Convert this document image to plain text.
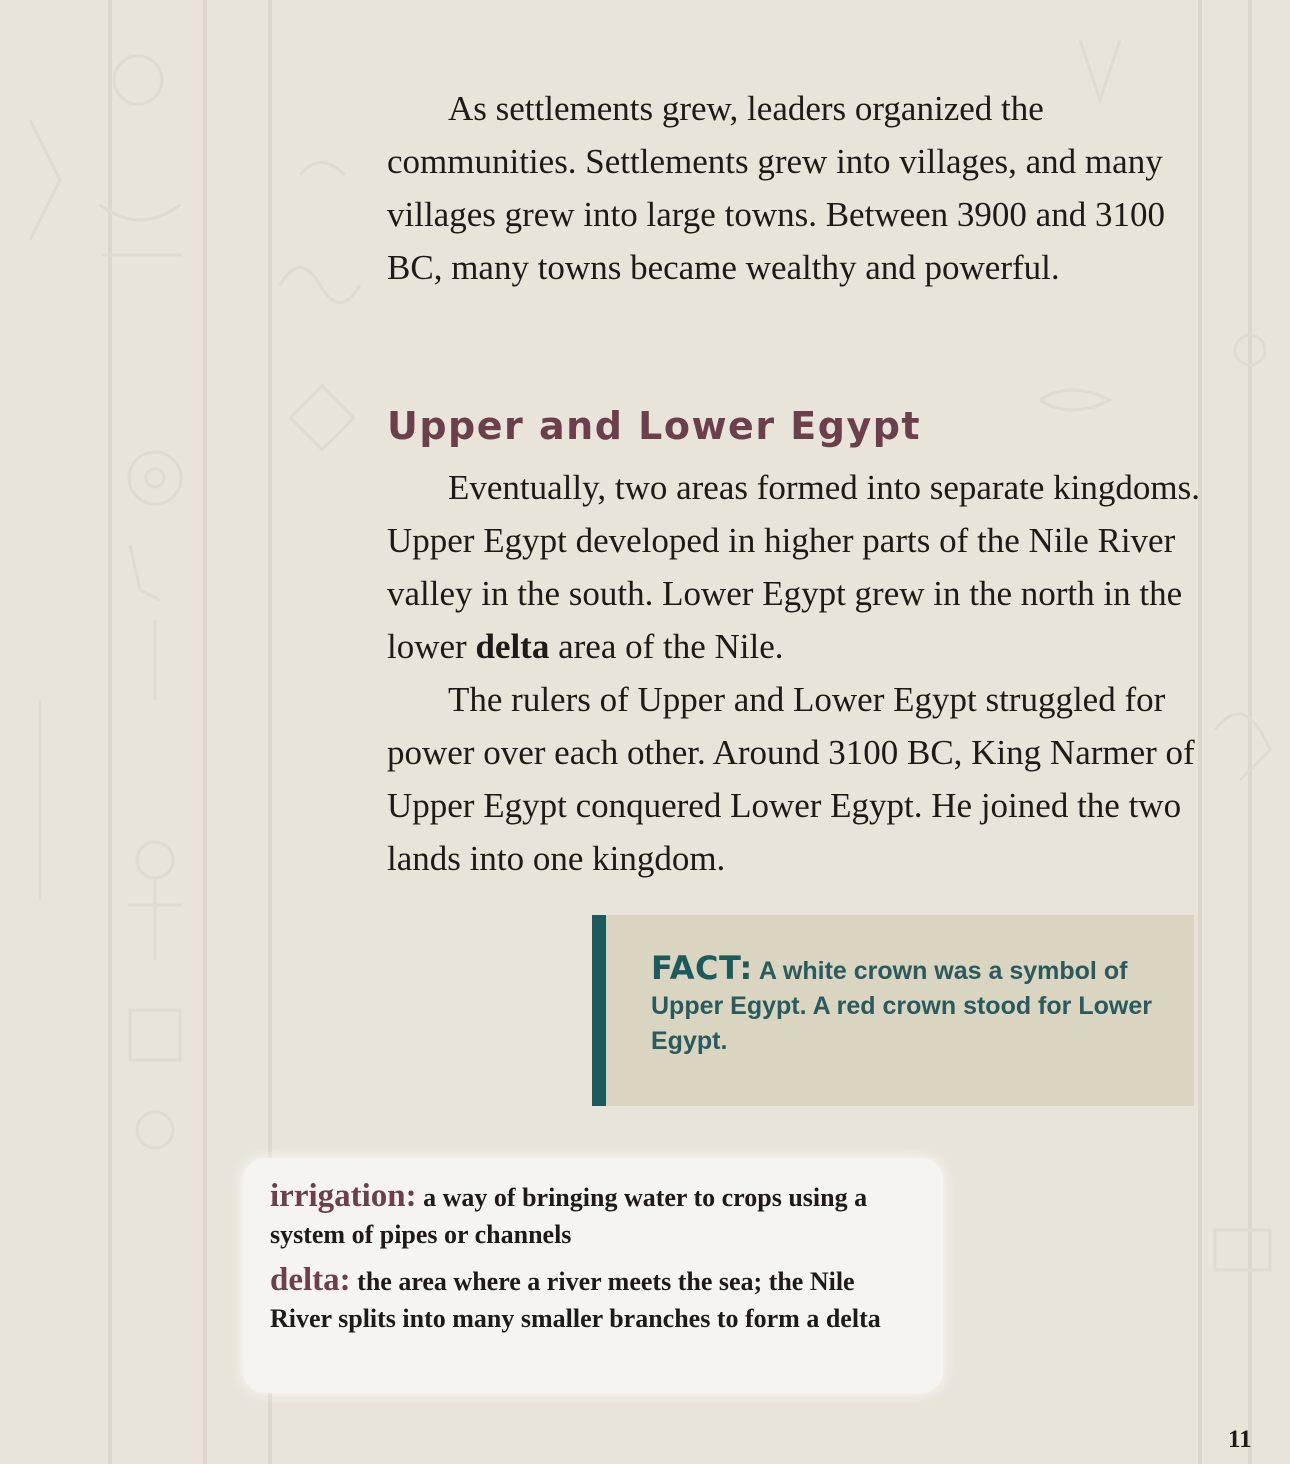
As settlements grew, leaders organized the communities. Settlements grew into villages, and many villages grew into large towns. Between 3900 and 3100 BC, many towns became wealthy and powerful.

Upper and Lower Egypt

Eventually, two areas formed into separate kingdoms. Upper Egypt developed in higher parts of the Nile River valley in the south. Lower Egypt grew in the north in the lower delta area of the Nile.

The rulers of Upper and Lower Egypt struggled for power over each other. Around 3100 BC, King Narmer of Upper Egypt conquered Lower Egypt. He joined the two lands into one kingdom.

FACT: A white crown was a symbol of Upper Egypt. A red crown stood for Lower Egypt.
irrigation: a way of bringing water to crops using a system of pipes or channels
delta: the area where a river meets the sea; the Nile River splits into many smaller branches to form a delta
11
